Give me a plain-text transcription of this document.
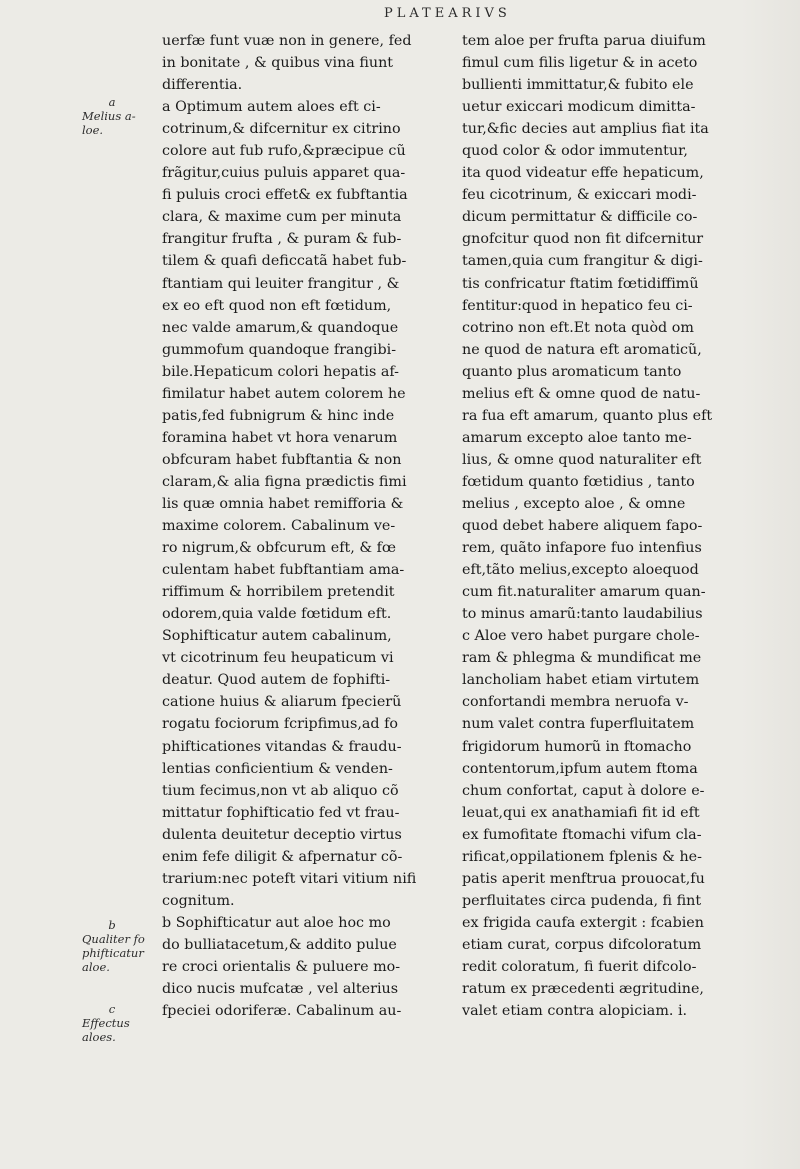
PLATEARIVS
a
Melius a-
loe.
b
Qualiter fo
phifticatur
aloe.
c
Effectus
aloes.
uerfæ funt vuæ non in genere, fed
in bonitate , & quibus vina fiunt
differentia.
a Optimum autem aloes eft ci-
cotrinum,& difcernitur ex citrino
colore aut fub rufo,&præcipue cũ
frãgitur,cuius puluis apparet qua-
fi puluis croci effet& ex fubftantia
clara, & maxime cum per minuta
frangitur frufta , & puram & fub-
tilem & quafi deficcatã habet fub-
ftantiam qui leuiter frangitur , &
ex eo eft quod non eft fœtidum,
nec valde amarum,& quandoque
gummofum quandoque frangibi-
bile.Hepaticum colori hepatis af-
fimilatur habet autem colorem he
patis,fed fubnigrum & hinc inde
foramina habet vt hora venarum
obfcuram habet fubftantia & non
claram,& alia figna prædictis fimi
lis quæ omnia habet remifforia &
maxime colorem. Cabalinum ve-
ro nigrum,& obfcurum eft, & fœ
culentam habet fubftantiam ama-
riffimum & horribilem pretendit
odorem,quia valde fœtidum eft.
Sophifticatur autem cabalinum,
vt cicotrinum feu heupaticum vi
deatur. Quod autem de fophifti-
catione huius & aliarum fpecierũ
rogatu fociorum fcripfimus,ad fo
phifticationes vitandas & fraudu-
lentias conficientium & venden-
tium fecimus,non vt ab aliquo cõ
mittatur fophifticatio fed vt frau-
dulenta deuitetur deceptio virtus
enim fefe diligit & afpernatur cõ-
trarium:nec poteft vitari vitium nifi
cognitum.
b Sophifticatur aut aloe hoc mo
do bulliatacetum,& addito pulue
re croci orientalis & puluere mo-
dico nucis mufcatæ , vel alterius
fpeciei odoriferæ. Cabalinum au-
tem aloe per frufta parua diuifum
fimul cum filis ligetur & in aceto
bullienti immittatur,& fubito ele
uetur exiccari modicum dimitta-
tur,&fic decies aut amplius fiat ita
quod color & odor immutentur,
ita quod videatur effe hepaticum,
feu cicotrinum, & exiccari modi-
dicum permittatur & difficile co-
gnofcitur quod non fit difcernitur
tamen,quia cum frangitur & digi-
tis confricatur ftatim fœtidiffimũ
fentitur:quod in hepatico feu ci-
cotrino non eft.Et nota quòd om
ne quod de natura eft aromaticũ,
quanto plus aromaticum tanto
melius eft & omne quod de natu-
ra fua eft amarum, quanto plus eft
amarum excepto aloe tanto me-
lius, & omne quod naturaliter eft
fœtidum quanto fœtidius , tanto
melius , excepto aloe , & omne
quod debet habere aliquem fapo-
rem, quãto infapore fuo intenfius
eft,tãto melius,excepto aloequod
cum fit.naturaliter amarum quan-
to minus amarũ:tanto laudabilius
c Aloe vero habet purgare chole-
ram & phlegma & mundificat me
lancholiam habet etiam virtutem
confortandi membra neruofa v-
num valet contra fuperfluitatem
frigidorum humorũ in ftomacho
contentorum,ipfum autem ftoma
chum confortat, caput à dolore e-
leuat,qui ex anathamiafi fit id eft
ex fumofitate ftomachi vifum cla-
rificat,oppilationem fplenis & he-
patis aperit menftrua prouocat,fu
perfluitates circa pudenda, fi fint
ex frigida caufa extergit : fcabien
etiam curat, corpus difcoloratum
redit coloratum, fi fuerit difcolo-
ratum ex præcedenti ægritudine,
valet etiam contra alopiciam. i.
